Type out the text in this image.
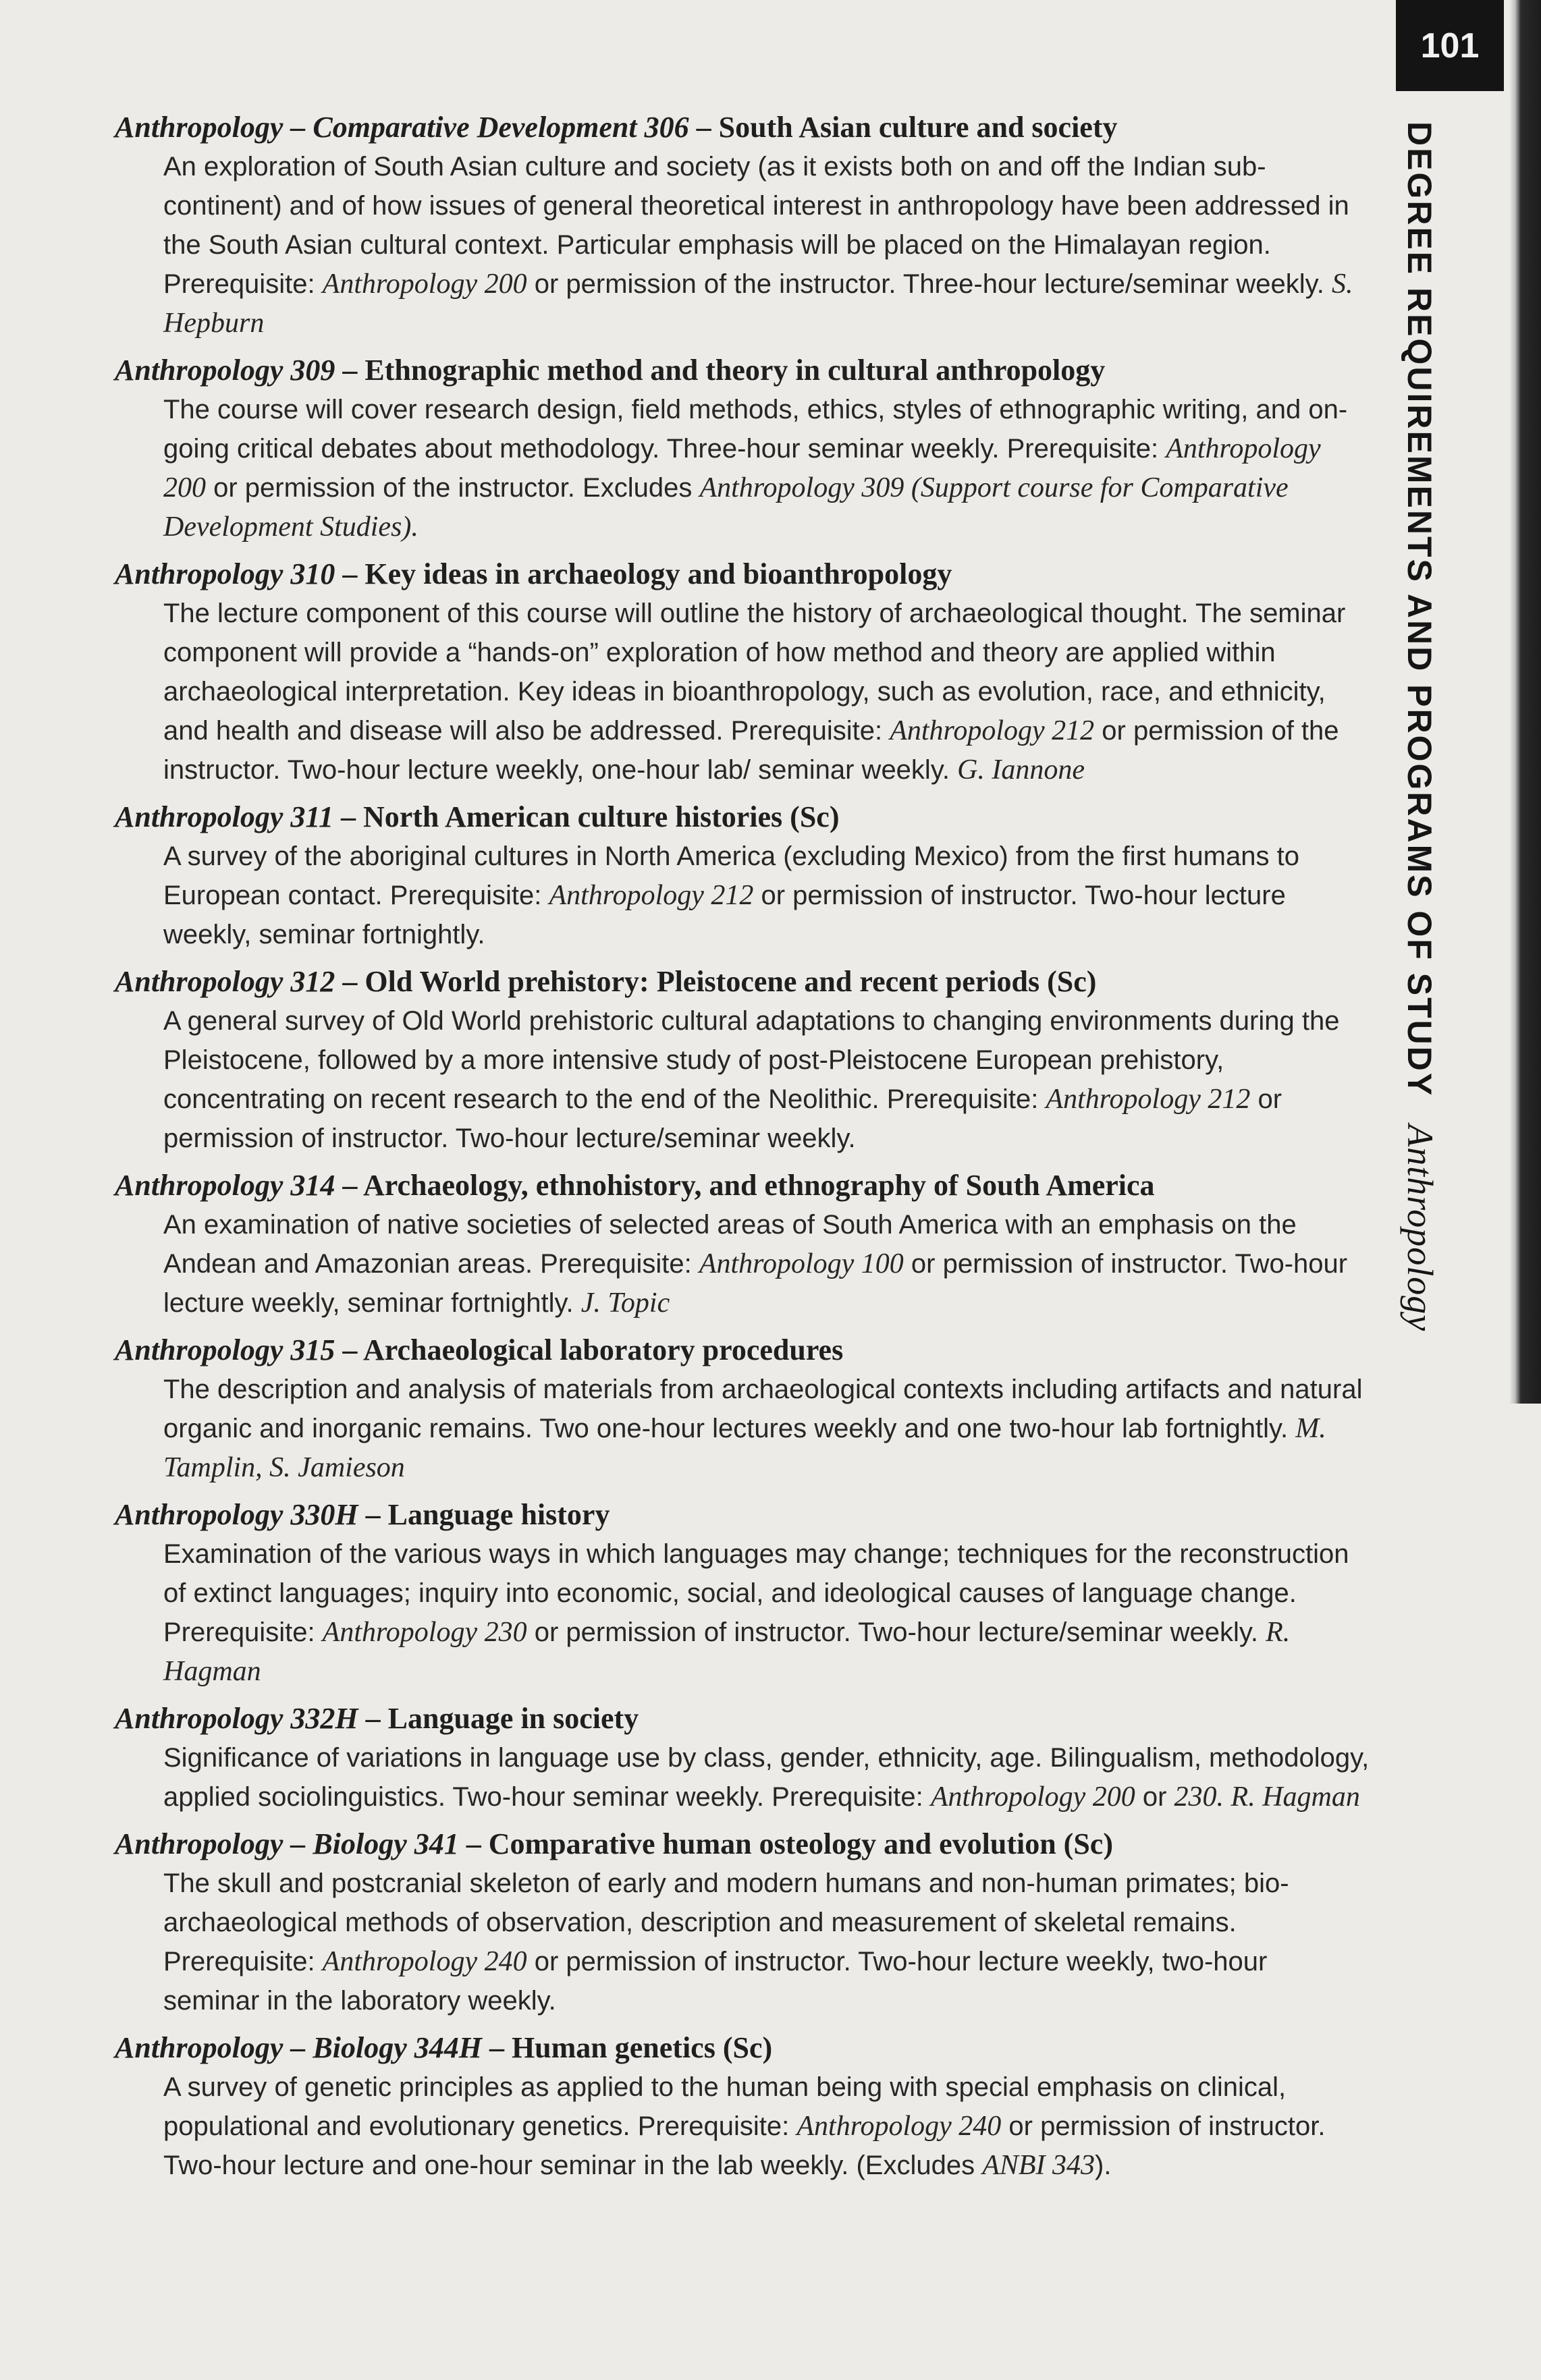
101
DEGREE REQUIREMENTS AND PROGRAMS OF STUDYAnthropology
Anthropology – Comparative Development 306 – South Asian culture and society
An exploration of South Asian culture and society (as it exists both on and off the Indian sub-continent) and of how issues of general theoretical interest in anthropology have been addressed in the South Asian cultural context. Particular emphasis will be placed on the Himalayan region. Prerequisite: Anthropology 200 or permission of the instructor. Three-hour lecture/seminar weekly. S. Hepburn
Anthropology 309 – Ethnographic method and theory in cultural anthropology
The course will cover research design, field methods, ethics, styles of ethnographic writing, and on-going critical debates about methodology. Three-hour seminar weekly. Prerequisite: Anthropology 200 or permission of the instructor. Excludes Anthropology 309 (Support course for Comparative Development Studies).
Anthropology 310 – Key ideas in archaeology and bioanthropology
The lecture component of this course will outline the history of archaeological thought. The seminar component will provide a “hands-on” exploration of how method and theory are applied within archaeological interpretation. Key ideas in bioanthropology, such as evolution, race, and ethnicity, and health and disease will also be addressed. Prerequisite: Anthropology 212 or permission of the instructor. Two-hour lecture weekly, one-hour lab/ seminar weekly. G. Iannone
Anthropology 311 – North American culture histories (Sc)
A survey of the aboriginal cultures in North America (excluding Mexico) from the first humans to European contact. Prerequisite: Anthropology 212 or permission of instructor. Two-hour lecture weekly, seminar fortnightly.
Anthropology 312 – Old World prehistory: Pleistocene and recent periods (Sc)
A general survey of Old World prehistoric cultural adaptations to changing environments during the Pleistocene, followed by a more intensive study of post-Pleistocene European prehistory, concentrating on recent research to the end of the Neolithic. Prerequisite: Anthropology 212 or permission of instructor. Two-hour lecture/seminar weekly.
Anthropology 314 – Archaeology, ethnohistory, and ethnography of South America
An examination of native societies of selected areas of South America with an emphasis on the Andean and Amazonian areas. Prerequisite: Anthropology 100 or permission of instructor. Two-hour lecture weekly, seminar fortnightly. J. Topic
Anthropology 315 – Archaeological laboratory procedures
The description and analysis of materials from archaeological contexts including artifacts and natural organic and inorganic remains. Two one-hour lectures weekly and one two-hour lab fortnightly. M. Tamplin, S. Jamieson
Anthropology 330H – Language history
Examination of the various ways in which languages may change; techniques for the reconstruction of extinct languages; inquiry into economic, social, and ideological causes of language change. Prerequisite: Anthropology 230 or permission of instructor. Two-hour lecture/seminar weekly. R. Hagman
Anthropology 332H – Language in society
Significance of variations in language use by class, gender, ethnicity, age. Bilingualism, methodology, applied sociolinguistics. Two-hour seminar weekly. Prerequisite: Anthropology 200 or 230. R. Hagman
Anthropology – Biology 341 – Comparative human osteology and evolution (Sc)
The skull and postcranial skeleton of early and modern humans and non-human primates; bio-archaeological methods of observation, description and measurement of skeletal remains. Prerequisite: Anthropology 240 or permission of instructor. Two-hour lecture weekly, two-hour seminar in the laboratory weekly.
Anthropology – Biology 344H – Human genetics (Sc)
A survey of genetic principles as applied to the human being with special emphasis on clinical, populational and evolutionary genetics. Prerequisite: Anthropology 240 or permission of instructor. Two-hour lecture and one-hour seminar in the lab weekly. (Excludes ANBI 343).
